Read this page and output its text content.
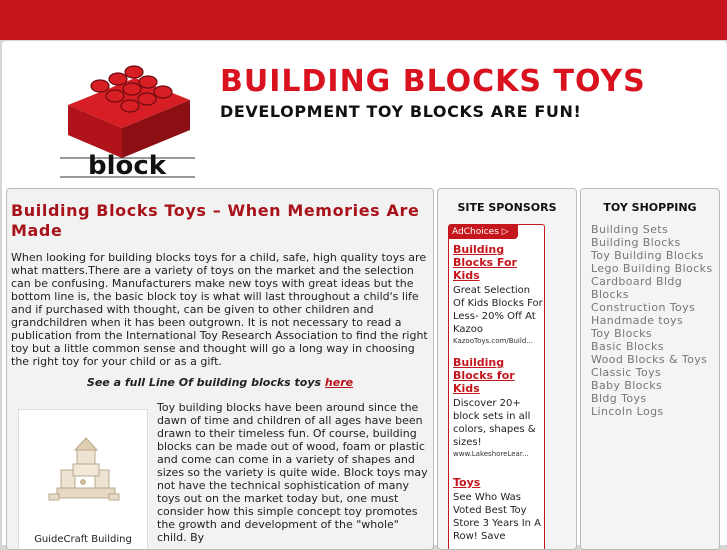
block
BUILDING BLOCKS TOYS
DEVELOPMENT TOY BLOCKS ARE FUN!
Building Blocks Toys – When Memories Are Made

When looking for building blocks toys for a child, safe, high quality toys are what matters.There are a variety of toys on the market and the selection can be confusing. Manufacturers make new toys with great ideas but the bottom line is, the basic block toy is what will last throughout a child's life and if purchased with thought, can be given to other children and grandchildren when it has been outgrown. It is not necessary to read a publication from the International Toy Research Association to find the right toy but a little common sense and thought will go a long way in choosing the right toy for your child or as a gift.

See a full Line Of building blocks toys here

GuideCraft Building
Toy building blocks have been around since the dawn of time and children of all ages have been drawn to their timeless fun. Of course, building blocks can be made out of wood, foam or plastic and come can come in a variety of shapes and sizes so the variety is quite wide. Block toys may not have the technical sophistication of many toys out on the market today but, one must consider how this simple concept toy promotes the growth and development of the "whole" child. By
SITE SPONSORS
AdChoices ▷
Building Blocks For Kids
Great Selection Of Kids Blocks For Less- 20% Off At Kazoo
KazooToys.com/Build...
Building Blocks for Kids
Discover 20+ block sets in all colors, shapes & sizes!
www.LakeshoreLear...
Toys
See Who Was Voted Best Toy Store 3 Years In A Row! Save
TOY SHOPPING
Building Sets
Building Blocks
Toy Building Blocks
Lego Building Blocks
Cardboard Bldg Blocks
Construction Toys
Handmade toys
Toy Blocks
Basic Blocks
Wood Blocks & Toys
Classic Toys
Baby Blocks
Bldg Toys
Lincoln Logs
